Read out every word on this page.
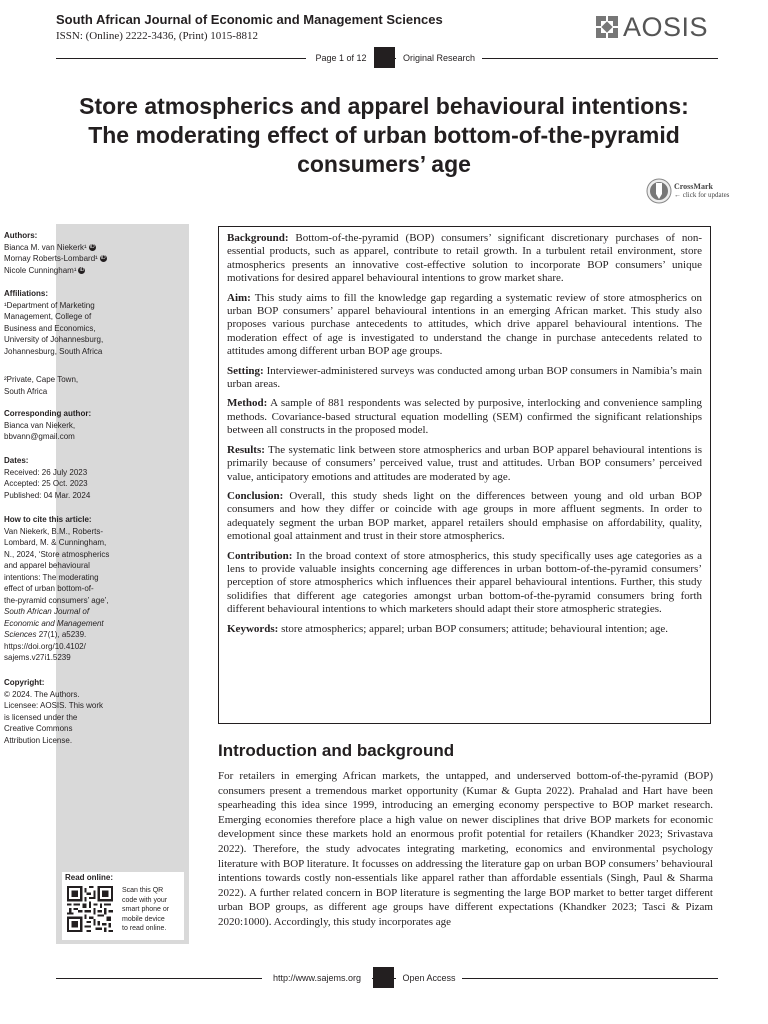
South African Journal of Economic and Management Sciences
ISSN: (Online) 2222-3436, (Print) 1015-8812	AOSIS
Page 1 of 12	Original Research
Store atmospherics and apparel behavioural intentions:
The moderating effect of urban bottom-of-the-pyramid
consumers’ age
CrossMark
← click for updates
Authors:
Bianca M. van Niekerk¹ iD
Mornay Roberts-Lombard¹ iD
Nicole Cunningham¹ iD
Affiliations:
¹Department of Marketing
Management, College of
Business and Economics,
University of Johannesburg,
Johannesburg, South Africa
²Private, Cape Town,
South Africa
Corresponding author:
Bianca van Niekerk,
bbvann@gmail.com
Dates:
Received: 26 July 2023
Accepted: 25 Oct. 2023
Published: 04 Mar. 2024
How to cite this article:
Van Niekerk, B.M., Roberts-
Lombard, M. & Cunningham,
N., 2024, ‘Store atmospherics
and apparel behavioural
intentions: The moderating
effect of urban bottom-of-
the-pyramid consumers’ age’,
South African Journal of
Economic and Management
Sciences 27(1), a5239.
https://doi.org/10.4102/
sajems.v27i1.5239
Copyright:
© 2024. The Authors.
Licensee: AOSIS. This work
is licensed under the
Creative Commons
Attribution License.
Read online:
Scan this QR
code with your
smart phone or
mobile device
to read online.

Background: Bottom-of-the-pyramid (BOP) consumers’ significant discretionary purchases of non-essential products, such as apparel, contribute to retail growth. In a turbulent retail environment, store atmospherics presents an innovative cost-effective solution to incorporate BOP consumers’ unique motivations for desired apparel behavioural intentions to grow market share.

Aim: This study aims to fill the knowledge gap regarding a systematic review of store atmospherics on urban BOP consumers’ apparel behavioural intentions in an emerging African market. This study also proposes various purchase antecedents to attitudes, which drive apparel behavioural intentions. The moderation effect of age is investigated to understand the change in purchase antecedents related to attitudes among different urban BOP age groups.

Setting: Interviewer-administered surveys was conducted among urban BOP consumers in Namibia’s main urban areas.

Method: A sample of 881 respondents was selected by purposive, interlocking and convenience sampling methods. Covariance-based structural equation modelling (SEM) confirmed the significant relationships between all constructs in the proposed model.

Results: The systematic link between store atmospherics and urban BOP apparel behavioural intentions is primarily because of consumers’ perceived value, trust and attitudes. Urban BOP consumers’ perceived value, anticipatory emotions and attitudes are moderated by age.

Conclusion: Overall, this study sheds light on the differences between young and old urban BOP consumers and how they differ or coincide with age groups in more affluent segments. In order to adequately segment the urban BOP market, apparel retailers should emphasise on affordability, quality, emotional goal attainment and trust in their store atmospherics.

Contribution: In the broad context of store atmospherics, this study specifically uses age categories as a lens to provide valuable insights concerning age differences in urban bottom-of-the-pyramid consumers’ perception of store atmospherics which influences their apparel behavioural intentions. Further, this study solidifies that different age categories amongst urban bottom-of-the-pyramid consumers bring forth different behavioural intentions to which marketers should adapt their store atmospheric strategies.

Keywords: store atmospherics; apparel; urban BOP consumers; attitude; behavioural intention; age.

Introduction and background

For retailers in emerging African markets, the untapped, and underserved bottom-of-the-pyramid (BOP) consumers present a tremendous market opportunity (Kumar & Gupta 2022). Prahalad and Hart have been spearheading this idea since 1999, introducing an emerging economy perspective to BOP market research. Emerging economies therefore place a high value on newer disciplines that drive BOP markets for economic development since these markets hold an enormous profit potential for retailers (Khandker 2023; Srivastava 2022). Therefore, the study advocates integrating marketing, economics and environmental psychology literature with BOP literature. It focusses on addressing the literature gap on urban BOP consumers’ behavioural intentions towards costly non-essentials like apparel rather than affordable essentials (Singh, Paul & Sharma 2022). A further related concern in BOP literature is segmenting the large BOP market to better target different urban BOP groups, as different age groups have different expectations (Khandker 2023; Tasci & Pizam 2020:1000). Accordingly, this study incorporates age

http://www.sajems.org	Open Access
